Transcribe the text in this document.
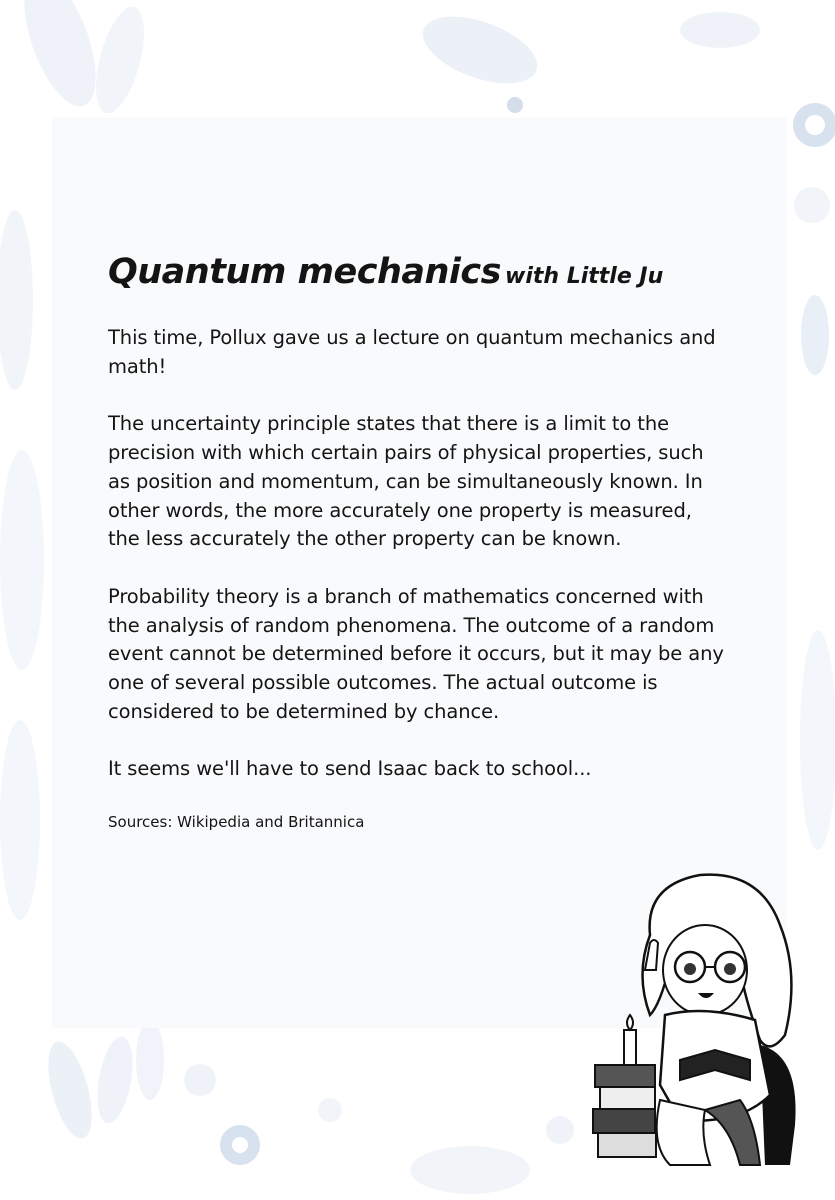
Quantum mechanics with Little Ju

This time, Pollux gave us a lecture on quantum mechanics and math!

The uncertainty principle states that there is a limit to the precision with which certain pairs of physical properties, such as position and momentum, can be simultaneously known. In other words, the more accurately one property is measured, the less accurately the other property can be known.

Probability theory is a branch of mathematics concerned with the analysis of random phenomena. The outcome of a random event cannot be determined before it occurs, but it may be any one of several possible outcomes. The actual outcome is considered to be determined by chance.

It seems we'll have to send Isaac back to school...

Sources: Wikipedia and Britannica
